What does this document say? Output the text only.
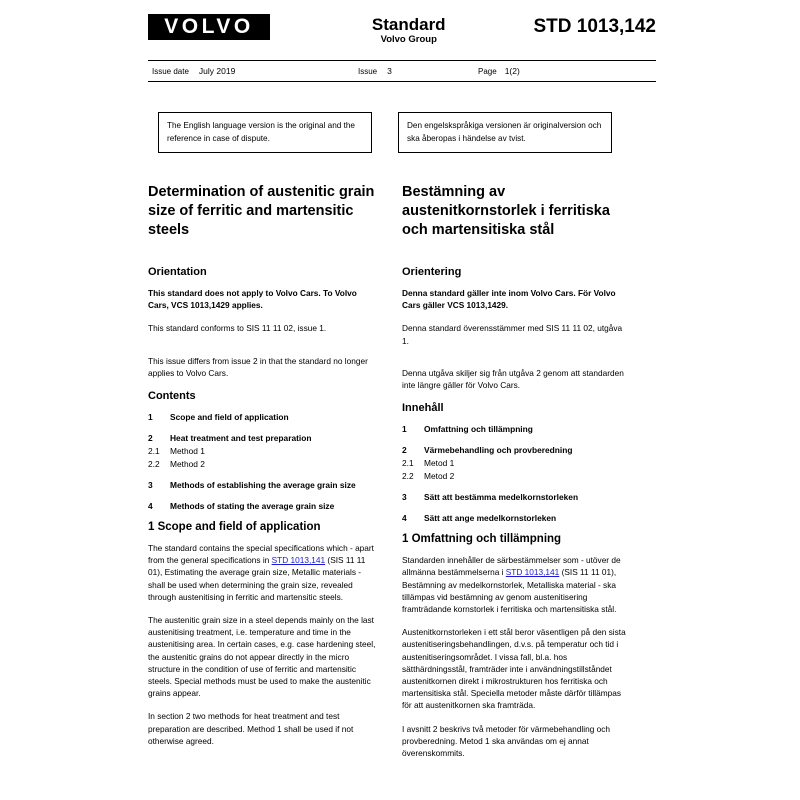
VOLVO	Standard
Volvo Group
STD 1013,142
Issue date July 2019	Issue 3	Page 1(2)
The English language version is the original and the reference in case of dispute.
Den engelskspråkiga versionen är originalversion och ska åberopas i händelse av tvist.
Determination of austenitic grain size of ferritic and martensitic steels
Orientation

This standard does not apply to Volvo Cars. To Volvo Cars, VCS 1013,1429 applies.

This standard conforms to SIS 11 11 02, issue 1.

This issue differs from issue 2 in that the standard no longer applies to Volvo Cars.

Contents
1	Scope and field of application
2	Heat treatment and test preparation
2.1	Method 1
2.2	Method 2
3	Methods of establishing the average grain size
4	Methods of stating the average grain size
1 Scope and field of application

The standard contains the special specifications which - apart from the general specifications in STD 1013,141 (SIS 11 11 01), Estimating the average grain size, Metallic materials - shall be used when determining the grain size, revealed through austenitising in ferritic and martensitic steels.

The austenitic grain size in a steel depends mainly on the last austenitising treatment, i.e. temperature and time in the austenitising area. In certain cases, e.g. case hardening steel, the austenitic grains do not appear directly in the micro structure in the condition of use of ferritic and martensitic steels. Special methods must be used to make the austenitic grains appear.

In section 2 two methods for heat treatment and test preparation are described. Method 1 shall be used if not otherwise agreed.

Bestämning av austenitkornstorlek i ferritiska och martensitiska stål
Orientering

Denna standard gäller inte inom Volvo Cars. För Volvo Cars gäller VCS 1013,1429.

Denna standard överensstämmer med SIS 11 11 02, utgåva 1.

Denna utgåva skiljer sig från utgåva 2 genom att standarden inte längre gäller för Volvo Cars.

Innehåll
1	Omfattning och tillämpning
2	Värmebehandling och provberedning
2.1	Metod 1
2.2	Metod 2
3	Sätt att bestämma medelkornstorleken
4	Sätt att ange medelkornstorleken
1 Omfattning och tillämpning

Standarden innehåller de särbestämmelser som - utöver de allmänna bestämmelserna i STD 1013,141 (SIS 11 11 01), Bestämning av medelkornstorlek, Metalliska material - ska tillämpas vid bestämning av genom austenitisering framträdande kornstorlek i ferritiska och martensitiska stål.

Austenitkornstorleken i ett stål beror väsentligen på den sista austenitiseringsbehandlingen, d.v.s. på temperatur och tid i austenitiseringsområdet. I vissa fall, bl.a. hos sätthärdningsstål, framträder inte i användningstillståndet austenitkornen direkt i mikrostrukturen hos ferritiska och martensitiska stål. Speciella metoder måste därför tillämpas för att austenitkornen ska framträda.

I avsnitt 2 beskrivs två metoder för värmebehandling och provberedning. Metod 1 ska användas om ej annat överenskommits.
